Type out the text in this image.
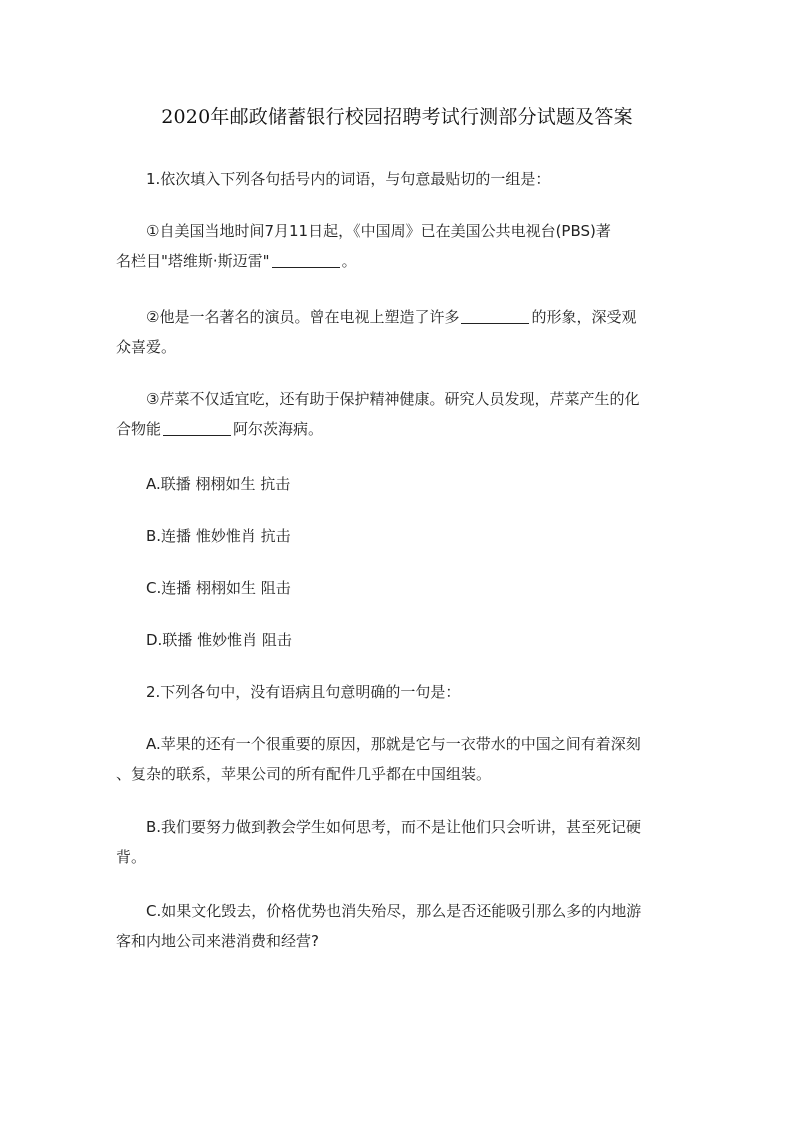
2020年邮政储蓄银行校园招聘考试行测部分试题及答案
1.依次填入下列各句括号内的词语，与句意最贴切的一组是：
①自美国当地时间7月11日起，《中国周》已在美国公共电视台(PBS)著
名栏目"塔维斯·斯迈雷"	。
②他是一名著名的演员。曾在电视上塑造了许多	的形象，深受观
众喜爱。
③芹菜不仅适宜吃，还有助于保护精神健康。研究人员发现，芹菜产生的化
合物能	阿尔茨海病。
A.联播 栩栩如生 抗击
B.连播 惟妙惟肖 抗击
C.连播 栩栩如生 阻击
D.联播 惟妙惟肖 阻击
2.下列各句中，没有语病且句意明确的一句是：
A.苹果的还有一个很重要的原因，那就是它与一衣带水的中国之间有着深刻
、复杂的联系，苹果公司的所有配件几乎都在中国组装。
B.我们要努力做到教会学生如何思考，而不是让他们只会听讲，甚至死记硬
背。
C.如果文化毁去，价格优势也消失殆尽，那么是否还能吸引那么多的内地游
客和内地公司来港消费和经营?
